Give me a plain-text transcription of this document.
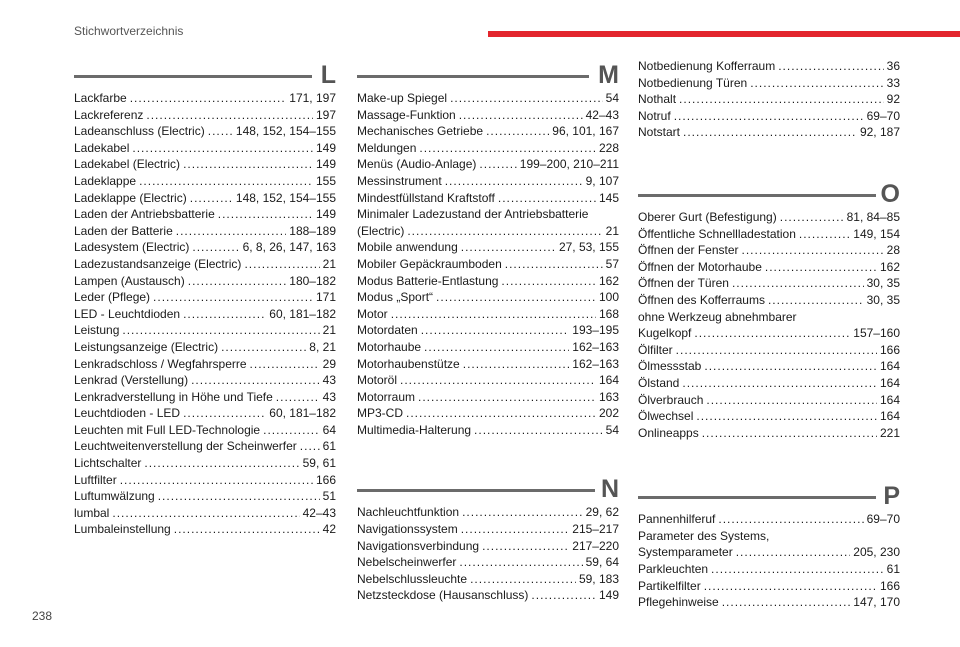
Stichwortverzeichnis
L
Lackfarbe .....	171, 197
Lackreferenz .....	197
Ladeanschluss (Electric) .....	148, 152, 154–155
Ladekabel .....	149
Ladekabel (Electric) .....	149
Ladeklappe .....	155
Ladeklappe (Electric) .....	148, 152, 154–155
Laden der Antriebsbatterie .....	149
Laden der Batterie .....	188–189
Ladesystem (Electric) .....	6, 8, 26, 147, 163
Ladezustandsanzeige (Electric) .....	21
Lampen (Austausch) .....	180–182
Leder (Pflege) .....	171
LED - Leuchtdioden .....	60, 181–182
Leistung .....	21
Leistungsanzeige (Electric) .....	8, 21
Lenkradschloss / Wegfahrsperre .....	29
Lenkrad (Verstellung) .....	43
Lenkradverstellung in Höhe und Tiefe .....	43
Leuchtdioden - LED .....	60, 181–182
Leuchten mit Full LED-Technologie .....	64
Leuchtweitenverstellung der Scheinwerfer ..... 61
Lichtschalter .....	59, 61
Luftfilter .....	166
Luftumwälzung .....	51
lumbal .....	42–43
Lumbaleinstellung .....	42
M
Make-up Spiegel .....	54
Massage-Funktion .....	42–43
Mechanisches Getriebe .....	96, 101, 167
Meldungen .....	228
Menüs (Audio-Anlage) .....	199–200, 210–211
Messinstrument .....	9, 107
Mindestfüllstand Kraftstoff .....	145
Minimaler Ladezustand der Antriebsbatterie
(Electric) .....	21
Mobile anwendung .....	27, 53, 155
Mobiler Gepäckraumboden .....	57
Modus Batterie-Entlastung .....	162
Modus „Sport“ .....	100
Motor .....	168
Motordaten .....	193–195
Motorhaube .....	162–163
Motorhaubenstütze .....	162–163
Motoröl .....	164
Motorraum .....	163
MP3-CD .....	202
Multimedia-Halterung .....	54
N
Nachleuchtfunktion .....	29, 62
Navigationssystem .....	215–217
Navigationsverbindung .....	217–220
Nebelscheinwerfer .....	59, 64
Nebelschlussleuchte .....	59, 183
Netzsteckdose (Hausanschluss) .....	149
Notbedienung Kofferraum .....	36
Notbedienung Türen .....	33
Nothalt .....	92
Notruf .....	69–70
Notstart .....	92, 187
O
Oberer Gurt (Befestigung) .....	81, 84–85
Öffentliche Schnellladestation .....	149, 154
Öffnen der Fenster .....	28
Öffnen der Motorhaube .....	162
Öffnen der Türen .....	30, 35
Öffnen des Kofferraums .....	30, 35
ohne Werkzeug abnehmbarer
Kugelkopf .....	157–160
Ölfilter .....	166
Ölmessstab .....	164
Ölstand .....	164
Ölverbrauch .....	164
Ölwechsel .....	164
Onlineapps .....	221
P
Pannenhilferuf .....	69–70
Parameter des Systems,
Systemparameter .....	205, 230
Parkleuchten .....	61
Partikelfilter .....	166
Pflegehinweise .....	147, 170
238
